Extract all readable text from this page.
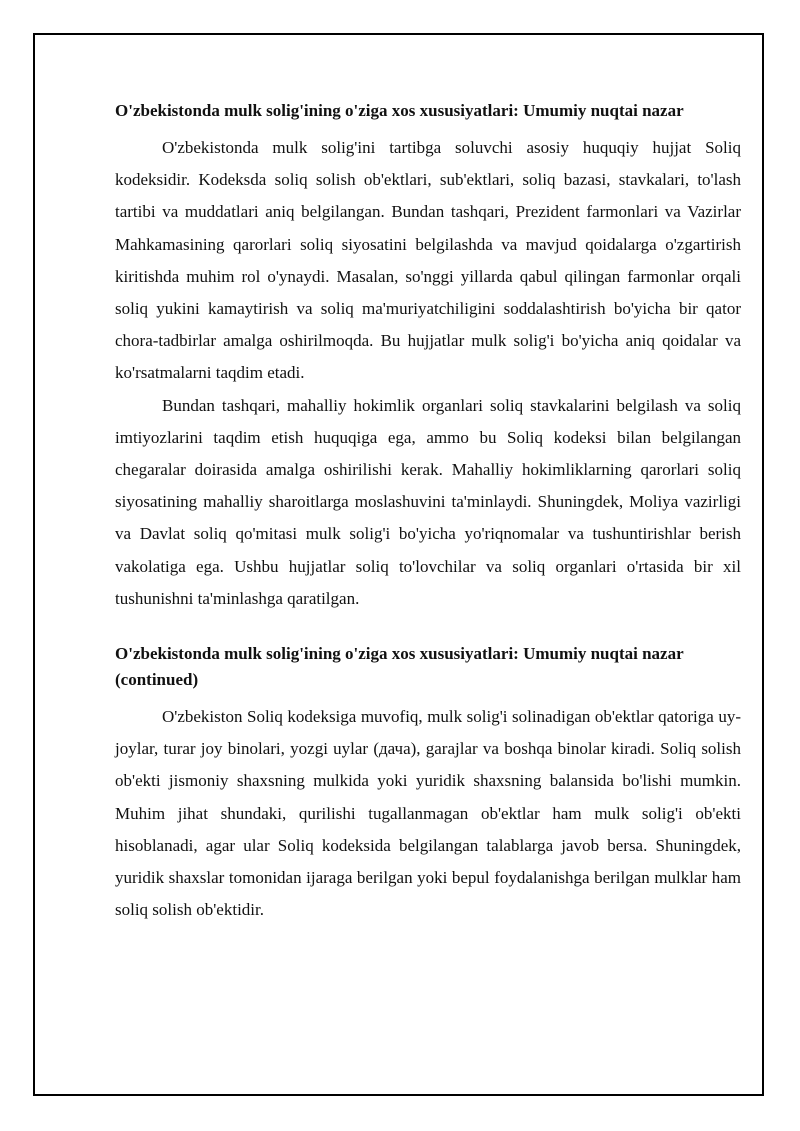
O'zbekistonda mulk solig'ining o'ziga xos xususiyatlari: Umumiy nuqtai nazar

O'zbekistonda mulk solig'ini tartibga soluvchi asosiy huquqiy hujjat Soliq kodeksidir. Kodeksda soliq solish ob'ektlari, sub'ektlari, soliq bazasi, stavkalari, to'lash tartibi va muddatlari aniq belgilangan. Bundan tashqari, Prezident farmonlari va Vazirlar Mahkamasining qarorlari soliq siyosatini belgilashda va mavjud qoidalarga o'zgartirish kiritishda muhim rol o'ynaydi. Masalan, so'nggi yillarda qabul qilingan farmonlar orqali soliq yukini kamaytirish va soliq ma'muriyatchiligini soddalashtirish bo'yicha bir qator chora-tadbirlar amalga oshirilmoqda. Bu hujjatlar mulk solig'i bo'yicha aniq qoidalar va ko'rsatmalarni taqdim etadi.

Bundan tashqari, mahalliy hokimlik organlari soliq stavkalarini belgilash va soliq imtiyozlarini taqdim etish huquqiga ega, ammo bu Soliq kodeksi bilan belgilangan chegaralar doirasida amalga oshirilishi kerak. Mahalliy hokimliklarning qarorlari soliq siyosatining mahalliy sharoitlarga moslashuvini ta'minlaydi. Shuningdek, Moliya vazirligi va Davlat soliq qo'mitasi mulk solig'i bo'yicha yo'riqnomalar va tushuntirishlar berish vakolatiga ega. Ushbu hujjatlar soliq to'lovchilar va soliq organlari o'rtasida bir xil tushunishni ta'minlashga qaratilgan.

O'zbekistonda mulk solig'ining o'ziga xos xususiyatlari: Umumiy nuqtai nazar (continued)

O'zbekiston Soliq kodeksiga muvofiq, mulk solig'i solinadigan ob'ektlar qatoriga uy-joylar, turar joy binolari, yozgi uylar (дача), garajlar va boshqa binolar kiradi. Soliq solish ob'ekti jismoniy shaxsning mulkida yoki yuridik shaxsning balansida bo'lishi mumkin. Muhim jihat shundaki, qurilishi tugallanmagan ob'ektlar ham mulk solig'i ob'ekti hisoblanadi, agar ular Soliq kodeksida belgilangan talablarga javob bersa. Shuningdek, yuridik shaxslar tomonidan ijaraga berilgan yoki bepul foydalanishga berilgan mulklar ham soliq solish ob'ektidir.
